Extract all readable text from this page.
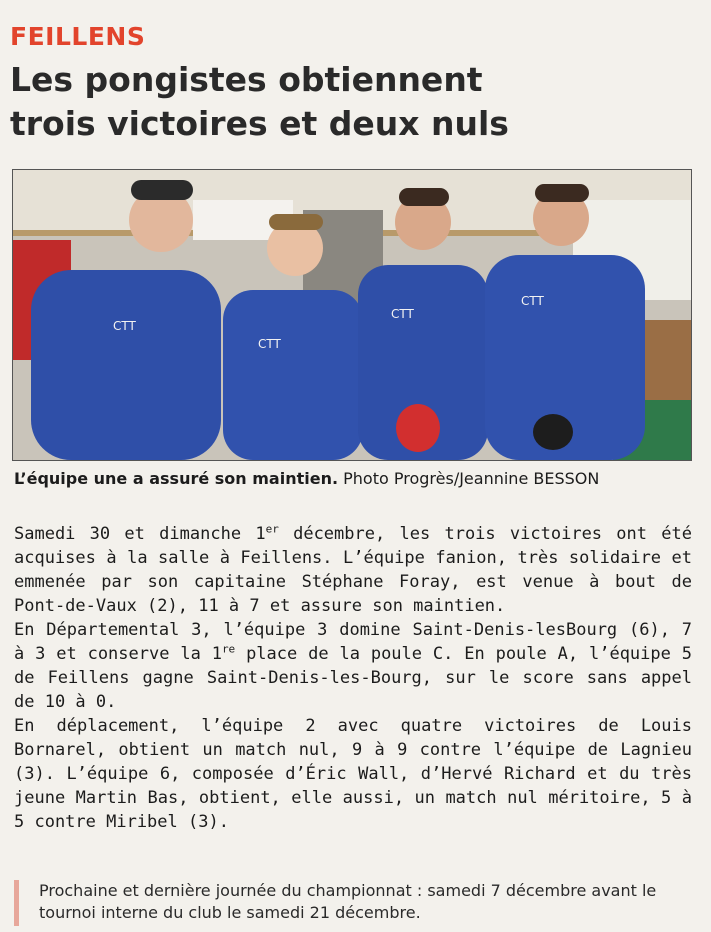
FEILLENS
Les pongistes obtiennent
trois victoires et deux nuls
CTT
CTT
CTT
CTT
L’équipe une a assuré son maintien. Photo Progrès/Jeannine BESSON

Samedi 30 et dimanche 1er décembre, les trois victoires ont été acquises à la salle à Feillens. L’équipe fanion, très solidaire et emmenée par son capitaine Stéphane Foray, est venue à bout de Pont-de-Vaux (2), 11 à 7 et assure son maintien.

En Départemental 3, l’équipe 3 domine Saint-Denis-lesBourg (6), 7 à 3 et conserve la 1re place de la poule C. En poule A, l’équipe 5 de Feillens gagne Saint-Denis-les-Bourg, sur le score sans appel de 10 à 0.

En déplacement, l’équipe 2 avec quatre victoires de Louis Bornarel, obtient un match nul, 9 à 9 contre l’équipe de Lagnieu (3). L’équipe 6, composée d’Éric Wall, d’Hervé Richard et du très jeune Martin Bas, obtient, elle aussi, un match nul méritoire, 5 à 5 contre Miribel (3).

Prochaine et dernière journée du championnat : samedi 7 décembre avant le tournoi interne du club le samedi 21 décembre.
